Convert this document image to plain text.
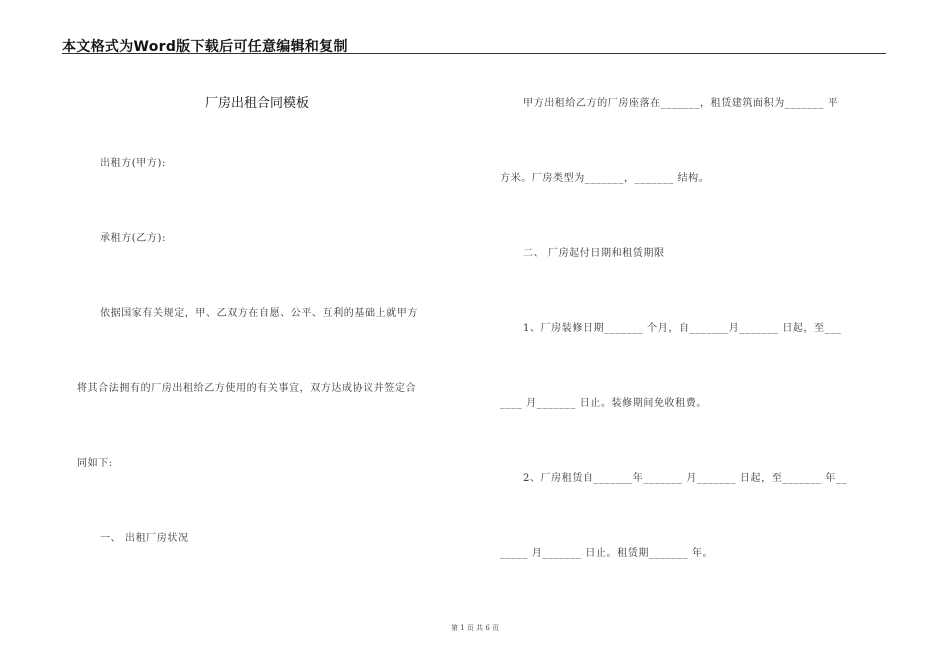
本文格式为Word版下载后可任意编辑和复制
厂房出租合同模板
出租方(甲方):
承租方(乙方):
依据国家有关规定，甲、乙双方在自愿、公平、互利的基础上就甲方
将其合法拥有的厂房出租给乙方使用的有关事宜，双方达成协议并签定合
同如下:
一、 出租厂房状况
甲方出租给乙方的厂房座落在_______，租赁建筑面积为_______ 平
方米。厂房类型为_______，_______ 结构。
二、 厂房起付日期和租赁期限
1、厂房装修日期_______ 个月，自_______月_______ 日起，至___
____ 月_______ 日止。装修期间免收租费。
2、厂房租赁自_______年_______ 月_______ 日起，至_______ 年__
_____ 月_______ 日止。租赁期_______ 年。
第 1 页 共 6 页
